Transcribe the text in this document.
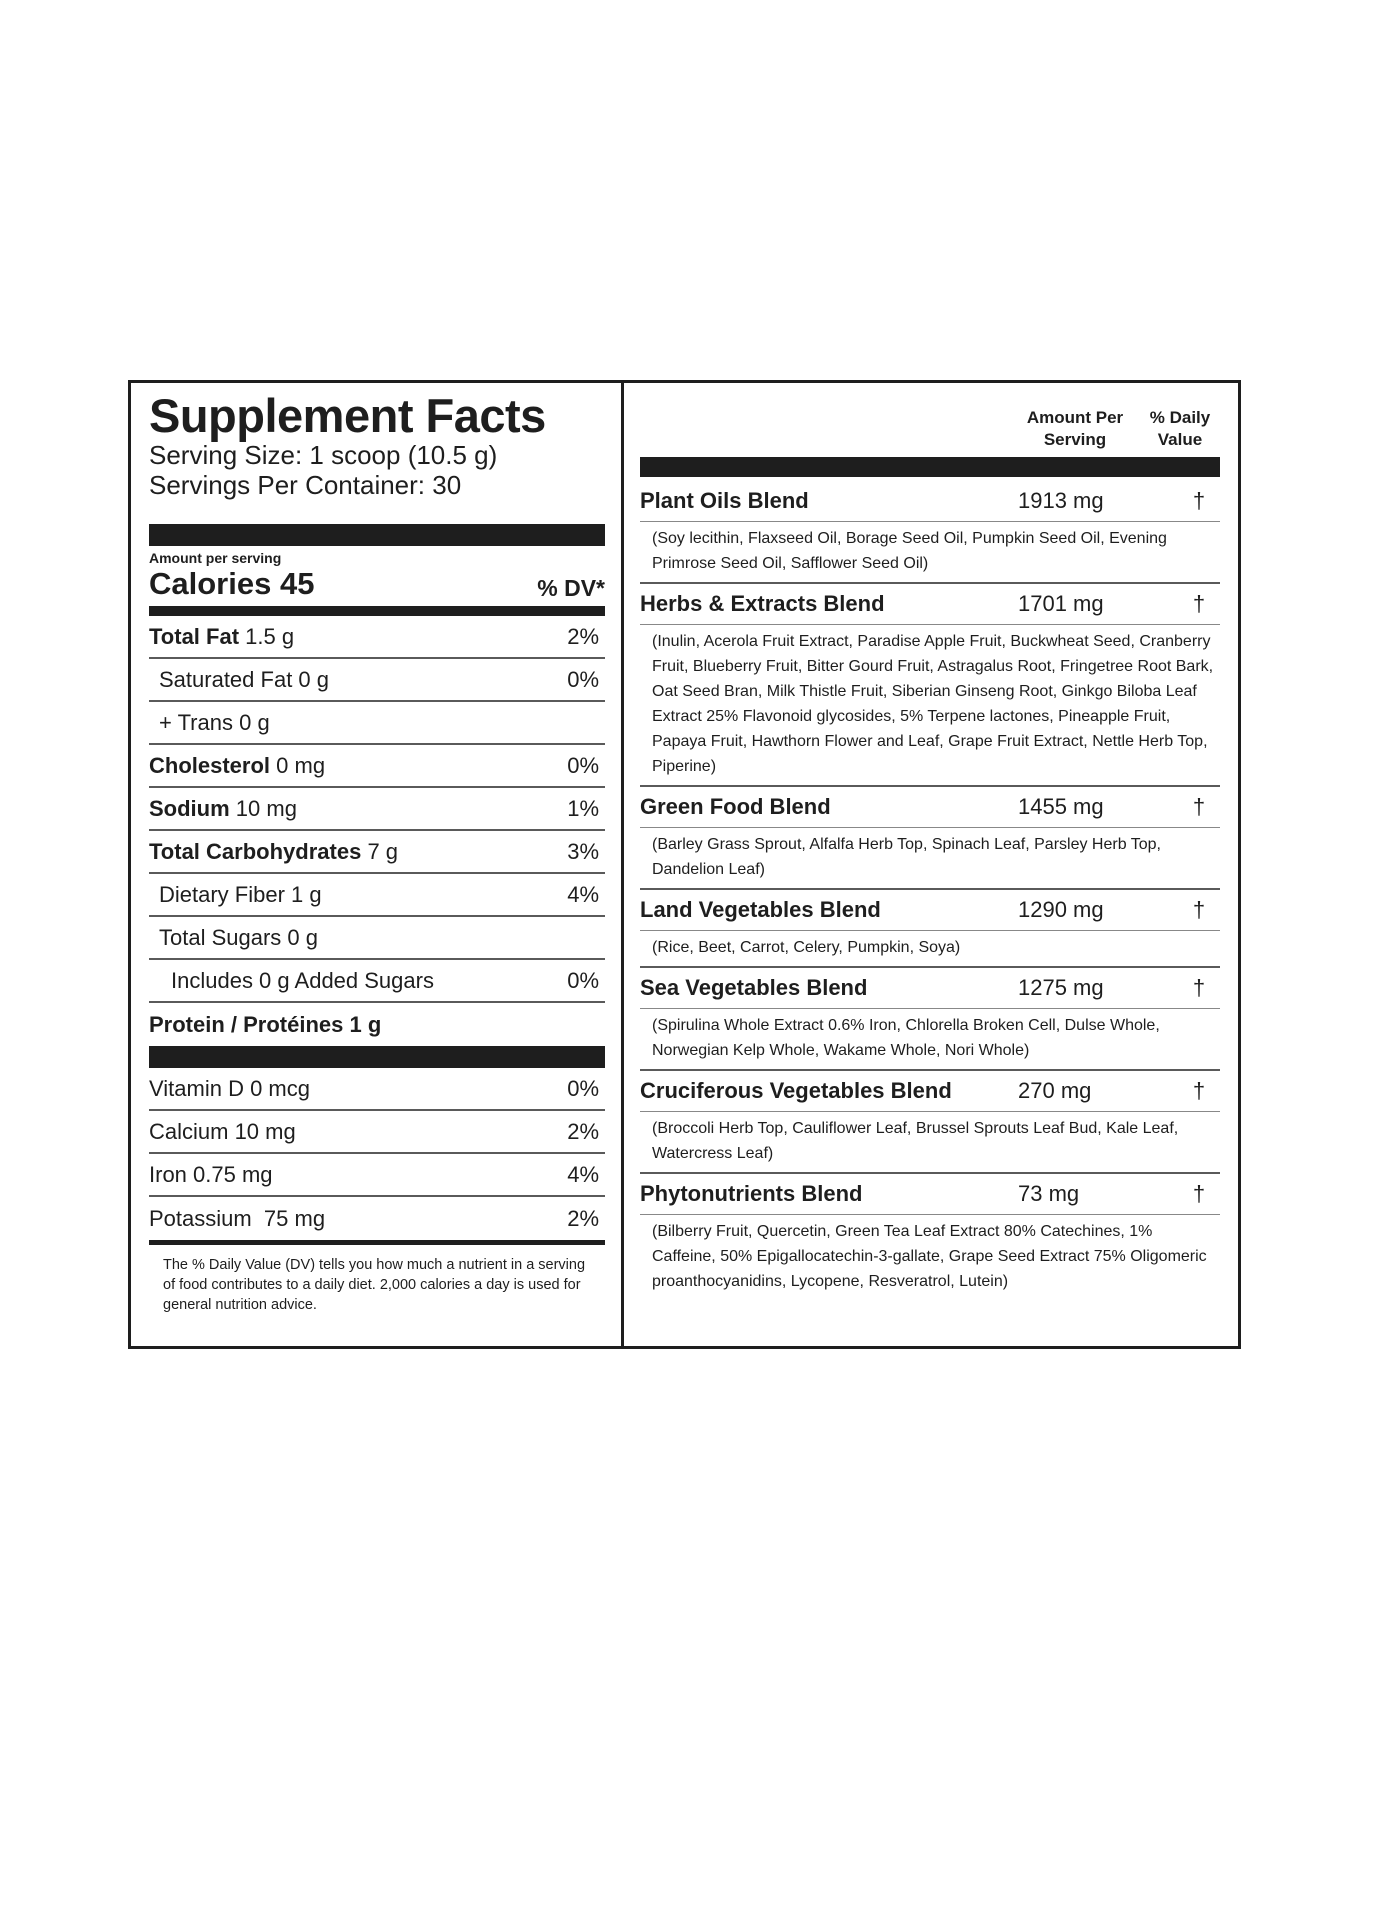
Supplement Facts
Serving Size: 1 scoop (10.5 g)
Servings Per Container: 30
Amount per serving
Calories 45	% DV*
Total Fat 1.5 g	2%
Saturated Fat 0 g	0%
+ Trans 0 g
Cholesterol 0 mg	0%
Sodium 10 mg	1%
Total Carbohydrates 7 g	3%
Dietary Fiber 1 g	4%
Total Sugars 0 g
Includes 0 g Added Sugars	0%
Protein / Protéines 1 g
Vitamin D 0 mcg	0%
Calcium 10 mg	2%
Iron 0.75 mg	4%
Potassium  75 mg	2%
The % Daily Value (DV) tells you how much a nutrient in a serving of food contributes to a daily diet. 2,000 calories a day is used for general nutrition advice.
Amount Per Serving
% Daily Value
Plant Oils Blend	1913 mg	†
(Soy lecithin, Flaxseed Oil, Borage Seed Oil, Pumpkin Seed Oil, Evening Primrose Seed Oil, Safflower Seed Oil)
Herbs & Extracts Blend	1701 mg	†
(Inulin, Acerola Fruit Extract, Paradise Apple Fruit, Buckwheat Seed, Cranberry Fruit, Blueberry Fruit, Bitter Gourd Fruit, Astragalus Root, Fringetree Root Bark, Oat Seed Bran, Milk Thistle Fruit, Siberian Ginseng Root, Ginkgo Biloba Leaf Extract 25% Flavonoid glycosides, 5% Terpene lactones, Pineapple Fruit, Papaya Fruit, Hawthorn Flower and Leaf, Grape Fruit Extract, Nettle Herb Top, Piperine)
Green Food Blend	1455 mg	†
(Barley Grass Sprout, Alfalfa Herb Top, Spinach Leaf, Parsley Herb Top, Dandelion Leaf)
Land Vegetables Blend	1290 mg	†
(Rice, Beet, Carrot, Celery, Pumpkin, Soya)
Sea Vegetables Blend	1275 mg	†
(Spirulina Whole Extract 0.6% Iron, Chlorella Broken Cell, Dulse Whole, Norwegian Kelp Whole, Wakame Whole, Nori Whole)
Cruciferous Vegetables Blend	270 mg	†
(Broccoli Herb Top, Cauliflower Leaf, Brussel Sprouts Leaf Bud, Kale Leaf, Watercress Leaf)
Phytonutrients Blend	73 mg	†
(Bilberry Fruit, Quercetin, Green Tea Leaf Extract 80% Catechines, 1% Caffeine, 50% Epigallocatechin-3-gallate, Grape Seed Extract 75% Oligomeric proanthocyanidins, Lycopene, Resveratrol, Lutein)
